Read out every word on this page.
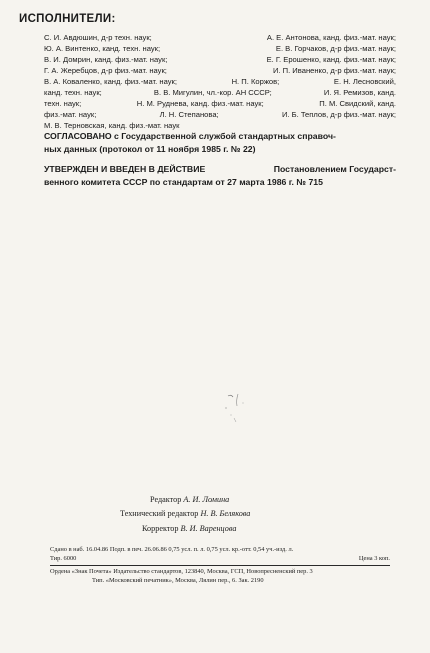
ИСПОЛНИТЕЛИ:
С. И. Авдюшин, д-р техн. наук;	А. Е. Антонова, канд. физ.-мат. наук;
Ю. А. Винтенко, канд. техн. наук;	Е. В. Горчаков, д-р физ.-мат. наук;
В. И. Домрин, канд. физ.-мат. наук;	Е. Г. Ерошенко, канд. физ.-мат. наук;
Г. А. Жеребцов, д-р физ.-мат. наук;	И. П. Иваненко, д-р физ.-мат. наук;
В. А. Коваленко, канд. физ.-мат. наук;	Н. П. Коржов;	Е. Н. Лесновский,
канд. техн. наук;	В. В. Мигулин, чл.-кор. АН СССР;	И. Я. Ремизов, канд.
техн. наук;	Н. М. Руднева, канд. физ.-мат. наук;	П. М. Свидский, канд.
физ.-мат. наук;	Л. Н. Степанова;	И. Б. Теплов, д-р физ.-мат. наук;
М. В. Терновская, канд. физ.-мат. наук
СОГЛАСОВАНО с Государственной службой стандартных справоч-
ных данных (протокол от 11 ноября 1985 г. № 22)
УТВЕРЖДЕН И ВВЕДЕН В ДЕЙСТВИЕ	Постановлением Государст-
венного комитета СССР по стандартам от 27 марта 1986 г. № 715
Редактор А. И. Ломина
Технический редактор Н. В. Белякова
Корректор В. И. Варенцова
Сдано в наб. 16.04.86 Подп. в печ. 26.06.86 0,75 усл. п. л. 0,75 усл. кр.-отт. 0,54 уч.-изд. л.
Тир. 6000	Цена 3 коп.
Ордена «Знак Почета» Издательство стандартов, 123840, Москва, ГСП, Новопресненский пер. 3
Тип. «Московский печатник», Москва, Лялин пер., 6. Зак. 2190
